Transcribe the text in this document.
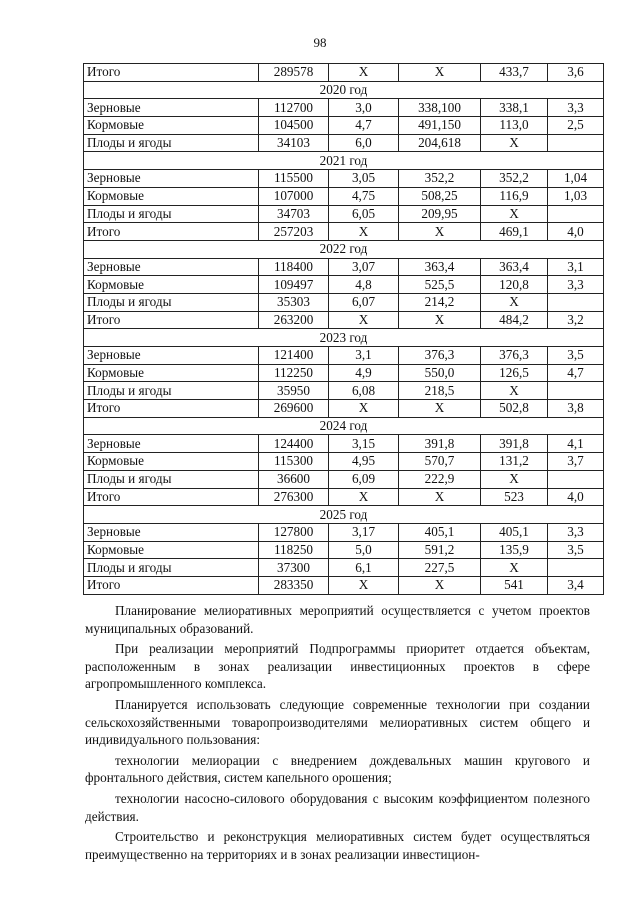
98
Итого	289578	Х	Х	433,7	3,6
2020 год					
Зерновые	112700	3,0	338,100	338,1	3,3
Кормовые	104500	4,7	491,150	113,0	2,5
Плоды и ягоды	34103	6,0	204,618	Х	
2021 год					
Зерновые	115500	3,05	352,2	352,2	1,04
Кормовые	107000	4,75	508,25	116,9	1,03
Плоды и ягоды	34703	6,05	209,95	Х	
Итого	257203	Х	Х	469,1	4,0
2022 год					
Зерновые	118400	3,07	363,4	363,4	3,1
Кормовые	109497	4,8	525,5	120,8	3,3
Плоды и ягоды	35303	6,07	214,2	Х	
Итого	263200	Х	Х	484,2	3,2
2023 год					
Зерновые	121400	3,1	376,3	376,3	3,5
Кормовые	112250	4,9	550,0	126,5	4,7
Плоды и ягоды	35950	6,08	218,5	Х	
Итого	269600	Х	Х	502,8	3,8
2024 год					
Зерновые	124400	3,15	391,8	391,8	4,1
Кормовые	115300	4,95	570,7	131,2	3,7
Плоды и ягоды	36600	6,09	222,9	Х	
Итого	276300	Х	Х	523	4,0
2025 год					
Зерновые	127800	3,17	405,1	405,1	3,3
Кормовые	118250	5,0	591,2	135,9	3,5
Плоды и ягоды	37300	6,1	227,5	Х	
Итого	283350	Х	Х	541	3,4

Планирование мелиоративных мероприятий осуществляется с учетом проектов муниципальных образований.

При реализации мероприятий Подпрограммы приоритет отдается объектам, расположенным в зонах реализации инвестиционных проектов в сфере агропромышленного комплекса.

Планируется использовать следующие современные технологии при создании сельскохозяйственными товаропроизводителями мелиоративных систем общего и индивидуального пользования:

технологии мелиорации с внедрением дождевальных машин кругового и фронтального действия, систем капельного орошения;

технологии насосно-силового оборудования с высоким коэффициентом полезного действия.

Строительство и реконструкция мелиоративных систем будет осуществляться преимущественно на территориях и в зонах реализации инвестицион-
